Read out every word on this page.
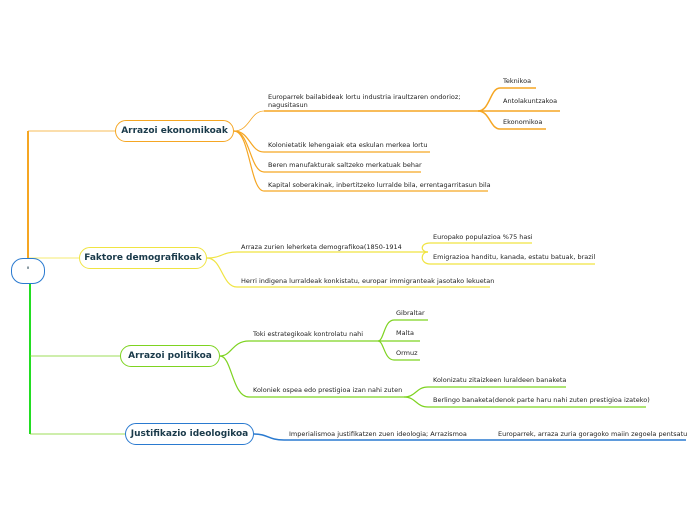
'
Arrazoi ekonomikoak
Faktore demografikoak
Arrazoi politikoa
Justifikazio ideologikoa
Europarrek bailabideak lortu industria iraultzaren ondorioz; nagusitasun
Teknikoa
Antolakuntzakoa
Ekonomikoa
Kolonietatik lehengaiak eta eskulan merkea lortu
Beren manufakturak saltzeko merkatuak behar
Kapital soberakinak, inbertitzeko lurralde bila, errentagarritasun bila
Arraza zurien leherketa demografikoa(1850-1914
Europako populazioa %75 hasi
Emigrazioa handitu, kanada, estatu batuak, brazil
Herri indigena lurraldeak konkistatu, europar immigranteak jasotako lekuetan
Toki estrategikoak kontrolatu nahi
Gibraltar
Malta
Ormuz
Koloniek ospea edo prestigioa izan nahi zuten
Kolonizatu zitaizkeen luraldeen banaketa
Berlingo banaketa(denok parte haru nahi zuten prestigioa izateko)
Imperialismoa justifikatzen zuen ideologia; Arrazismoa	Europarrek, arraza zuria goragoko maiin zegoela pentsatu
